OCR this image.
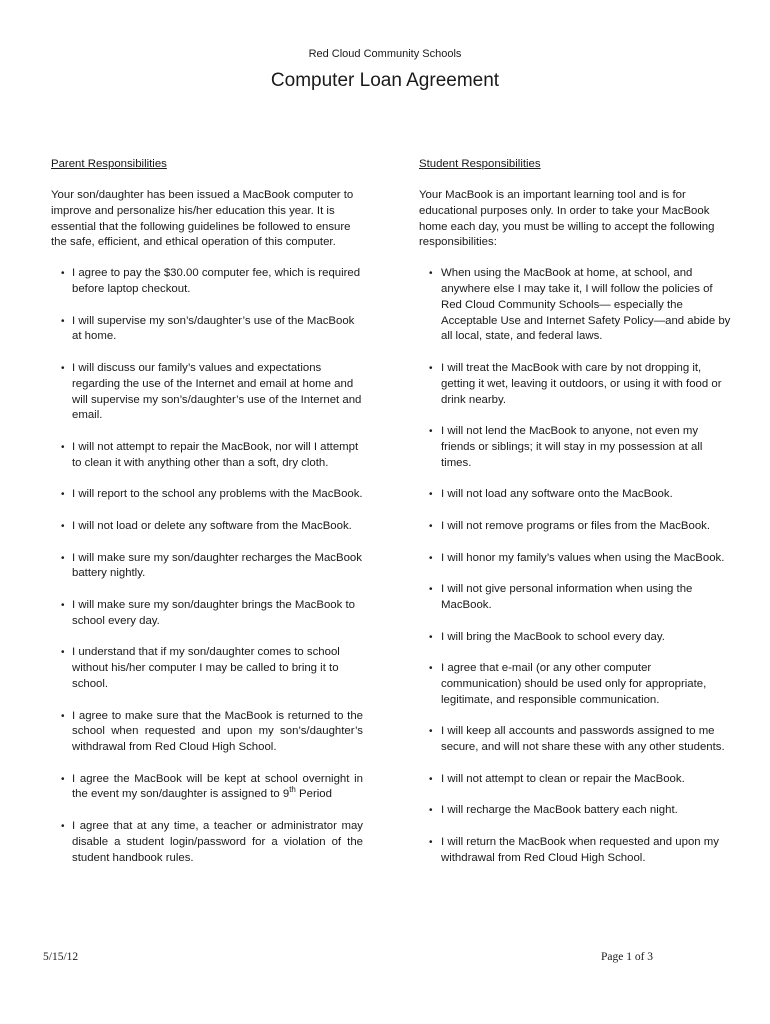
Red Cloud Community Schools
Computer Loan Agreement
Parent Responsibilities
Your son/daughter has been issued a MacBook computer to improve and personalize his/her education this year. It is essential that the following guidelines be followed to ensure the safe, efficient, and ethical operation of this computer.
• I agree to pay the $30.00 computer fee, which is required before laptop checkout.
• I will supervise my son’s/daughter’s use of the MacBook at home.
• I will discuss our family’s values and expectations regarding the use of the Internet and email at home and will supervise my son’s/daughter’s use of the Internet and email.
• I will not attempt to repair the MacBook, nor will I attempt to clean it with anything other than a soft, dry cloth.
• I will report to the school any problems with the MacBook.
• I will not load or delete any software from the MacBook.
• I will make sure my son/daughter recharges the MacBook battery nightly.
• I will make sure my son/daughter brings the MacBook to school every day.
• I understand that if my son/daughter comes to school without his/her computer I may be called to bring it to school.
• I agree to make sure that the MacBook is returned to the school when requested and upon my son’s/daughter’s withdrawal from Red Cloud High School.
• I agree the MacBook will be kept at school overnight in the event my son/daughter is assigned to 9th Period
• I agree that at any time, a teacher or administrator may disable a student login/password for a violation of the student handbook rules.
Student Responsibilities
Your MacBook is an important learning tool and is for educational purposes only. In order to take your MacBook home each day, you must be willing to accept the following responsibilities:
• When using the MacBook at home, at school, and anywhere else I may take it, I will follow the policies of Red Cloud Community Schools— especially the Acceptable Use and Internet Safety Policy—and abide by all local, state, and federal laws.
• I will treat the MacBook with care by not dropping it, getting it wet, leaving it outdoors, or using it with food or drink nearby.
• I will not lend the MacBook to anyone, not even my friends or siblings; it will stay in my possession at all times.
• I will not load any software onto the MacBook.
• I will not remove programs or files from the MacBook.
• I will honor my family’s values when using the MacBook.
• I will not give personal information when using the MacBook.
• I will bring the MacBook to school every day.
• I agree that e-mail (or any other computer communication) should be used only for appropriate, legitimate, and responsible communication.
• I will keep all accounts and passwords assigned to me secure, and will not share these with any other students.
• I will not attempt to clean or repair the MacBook.
• I will recharge the MacBook battery each night.
• I will return the MacBook when requested and upon my withdrawal from Red Cloud High School.
5/15/12	Page 1 of 3
